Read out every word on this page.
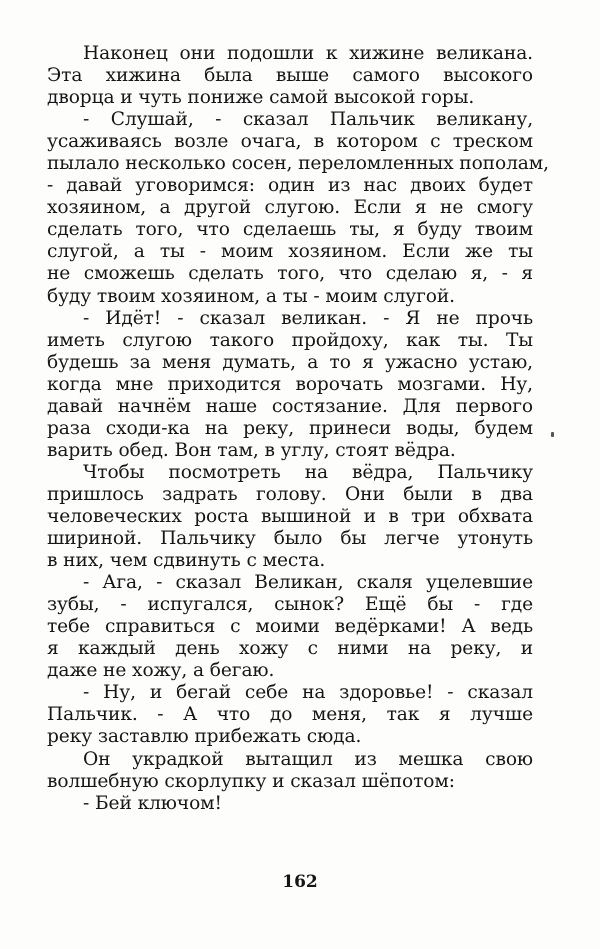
Наконец они подошли к хижине великана.
Эта хижина была выше самого высокого
дворца и чуть пониже самой высокой горы.
- Слушай, - сказал Пальчик великану,
усаживаясь возле очага, в котором с треском
пылало несколько сосен, переломленных пополам,
- давай уговоримся: один из нас двоих будет
хозяином, а другой слугою. Если я не смогу
сделать того, что сделаешь ты, я буду твоим
слугой, а ты - моим хозяином. Если же ты
не сможешь сделать того, что сделаю я, - я
буду твоим хозяином, а ты - моим слугой.
- Идёт! - сказал великан. - Я не прочь
иметь слугою такого пройдоху, как ты. Ты
будешь за меня думать, а то я ужасно устаю,
когда мне приходится ворочать мозгами. Ну,
давай начнём наше состязание. Для первого
раза сходи-ка на реку, принеси воды, будем
варить обед. Вон там, в углу, стоят вёдра.
Чтобы посмотреть на вёдра, Пальчику
пришлось задрать голову. Они были в два
человеческих роста вышиной и в три обхвата
шириной. Пальчику было бы легче утонуть
в них, чем сдвинуть с места.
- Ага, - сказал Великан, скаля уцелевшие
зубы, - испугался, сынок? Ещё бы - где
тебе справиться с моими ведёрками! А ведь
я каждый день хожу с ними на реку, и
даже не хожу, а бегаю.
- Ну, и бегай себе на здоровье! - сказал
Пальчик. - А что до меня, так я лучше
реку заставлю прибежать сюда.
Он украдкой вытащил из мешка свою
волшебную скорлупку и сказал шёпотом:
- Бей ключом!
162
